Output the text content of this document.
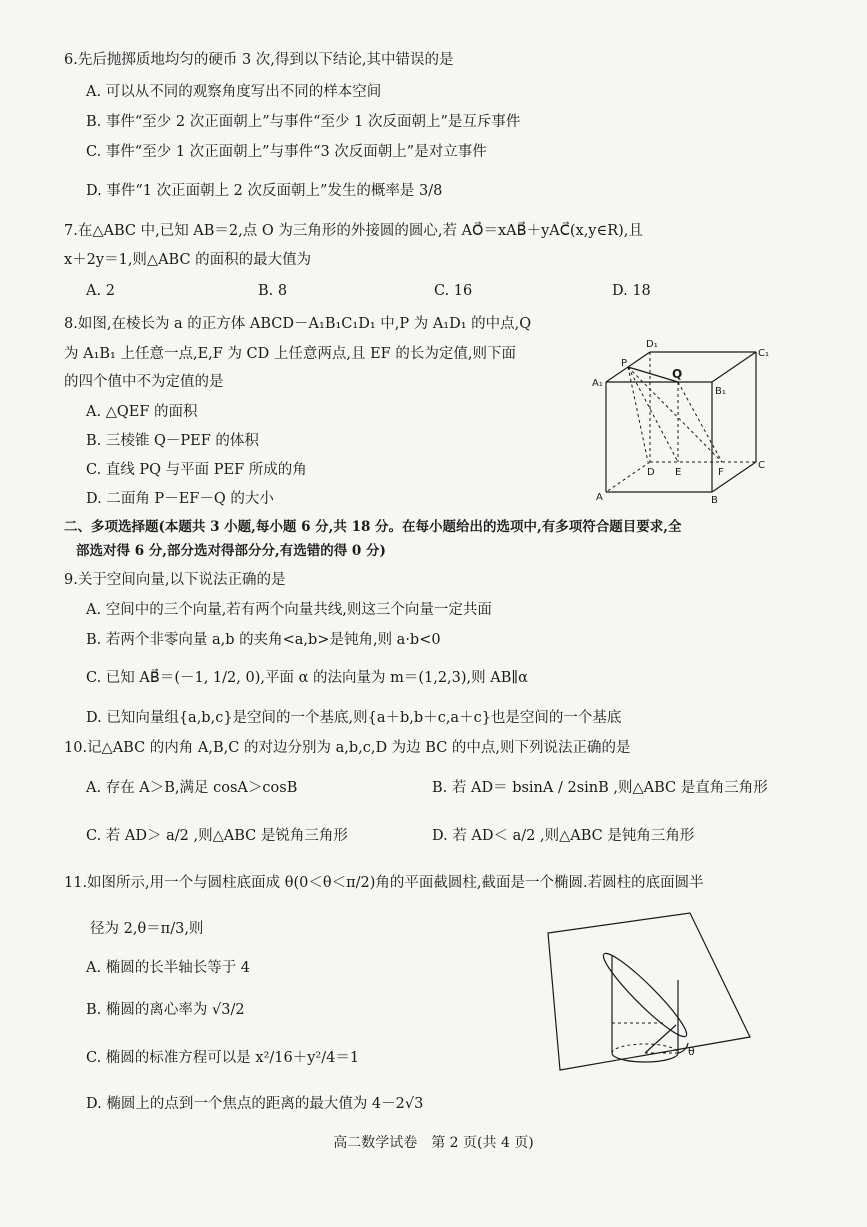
6.先后抛掷质地均匀的硬币 3 次,得到以下结论,其中错误的是
A. 可以从不同的观察角度写出不同的样本空间
B. 事件“至少 2 次正面朝上”与事件“至少 1 次反面朝上”是互斥事件
C. 事件“至少 1 次正面朝上”与事件“3 次反面朝上”是对立事件
D. 事件“1 次正面朝上 2 次反面朝上”发生的概率是 3/8
7.在△ABC 中,已知 AB＝2,点 O 为三角形的外接圆的圆心,若 AO⃗＝xAB⃗＋yAC⃗(x,y∈R),且
x＋2y＝1,则△ABC 的面积的最大值为
A. 2	B. 8	C. 16	D. 18
8.如图,在棱长为 a 的正方体 ABCD－A₁B₁C₁D₁ 中,P 为 A₁D₁ 的中点,Q
为 A₁B₁ 上任意一点,E,F 为 CD 上任意两点,且 EF 的长为定值,则下面
的四个值中不为定值的是
A. △QEF 的面积
B. 三棱锥 Q－PEF 的体积
C. 直线 PQ 与平面 PEF 所成的角
D. 二面角 P－EF－Q 的大小
D₁
C₁
A₁
B₁
P
Q
D E	F
C
A	B
二、多项选择题(本题共 3 小题,每小题 6 分,共 18 分。在每小题给出的选项中,有多项符合题目要求,全
部选对得 6 分,部分选对得部分分,有选错的得 0 分)
9.关于空间向量,以下说法正确的是
A. 空间中的三个向量,若有两个向量共线,则这三个向量一定共面
B. 若两个非零向量 a,b 的夹角<a,b>是钝角,则 a·b<0
C. 已知 AB⃗＝(－1, 1/2, 0),平面 α 的法向量为 m＝(1,2,3),则 AB∥α
D. 已知向量组{a,b,c}是空间的一个基底,则{a＋b,b＋c,a＋c}也是空间的一个基底
10.记△ABC 的内角 A,B,C 的对边分别为 a,b,c,D 为边 BC 的中点,则下列说法正确的是
A. 存在 A＞B,满足 cosA＞cosB	B. 若 AD＝ bsinA / 2sinB ,则△ABC 是直角三角形
C. 若 AD＞ a/2 ,则△ABC 是锐角三角形	D. 若 AD＜ a/2 ,则△ABC 是钝角三角形
11.如图所示,用一个与圆柱底面成 θ(0＜θ＜π/2)角的平面截圆柱,截面是一个椭圆.若圆柱的底面圆半
径为 2,θ＝π/3,则
A. 椭圆的长半轴长等于 4
B. 椭圆的离心率为 √3/2
C. 椭圆的标准方程可以是 x²/16＋y²/4＝1
D. 椭圆上的点到一个焦点的距离的最大值为 4－2√3
θ
高二数学试卷　第 2 页(共 4 页)
